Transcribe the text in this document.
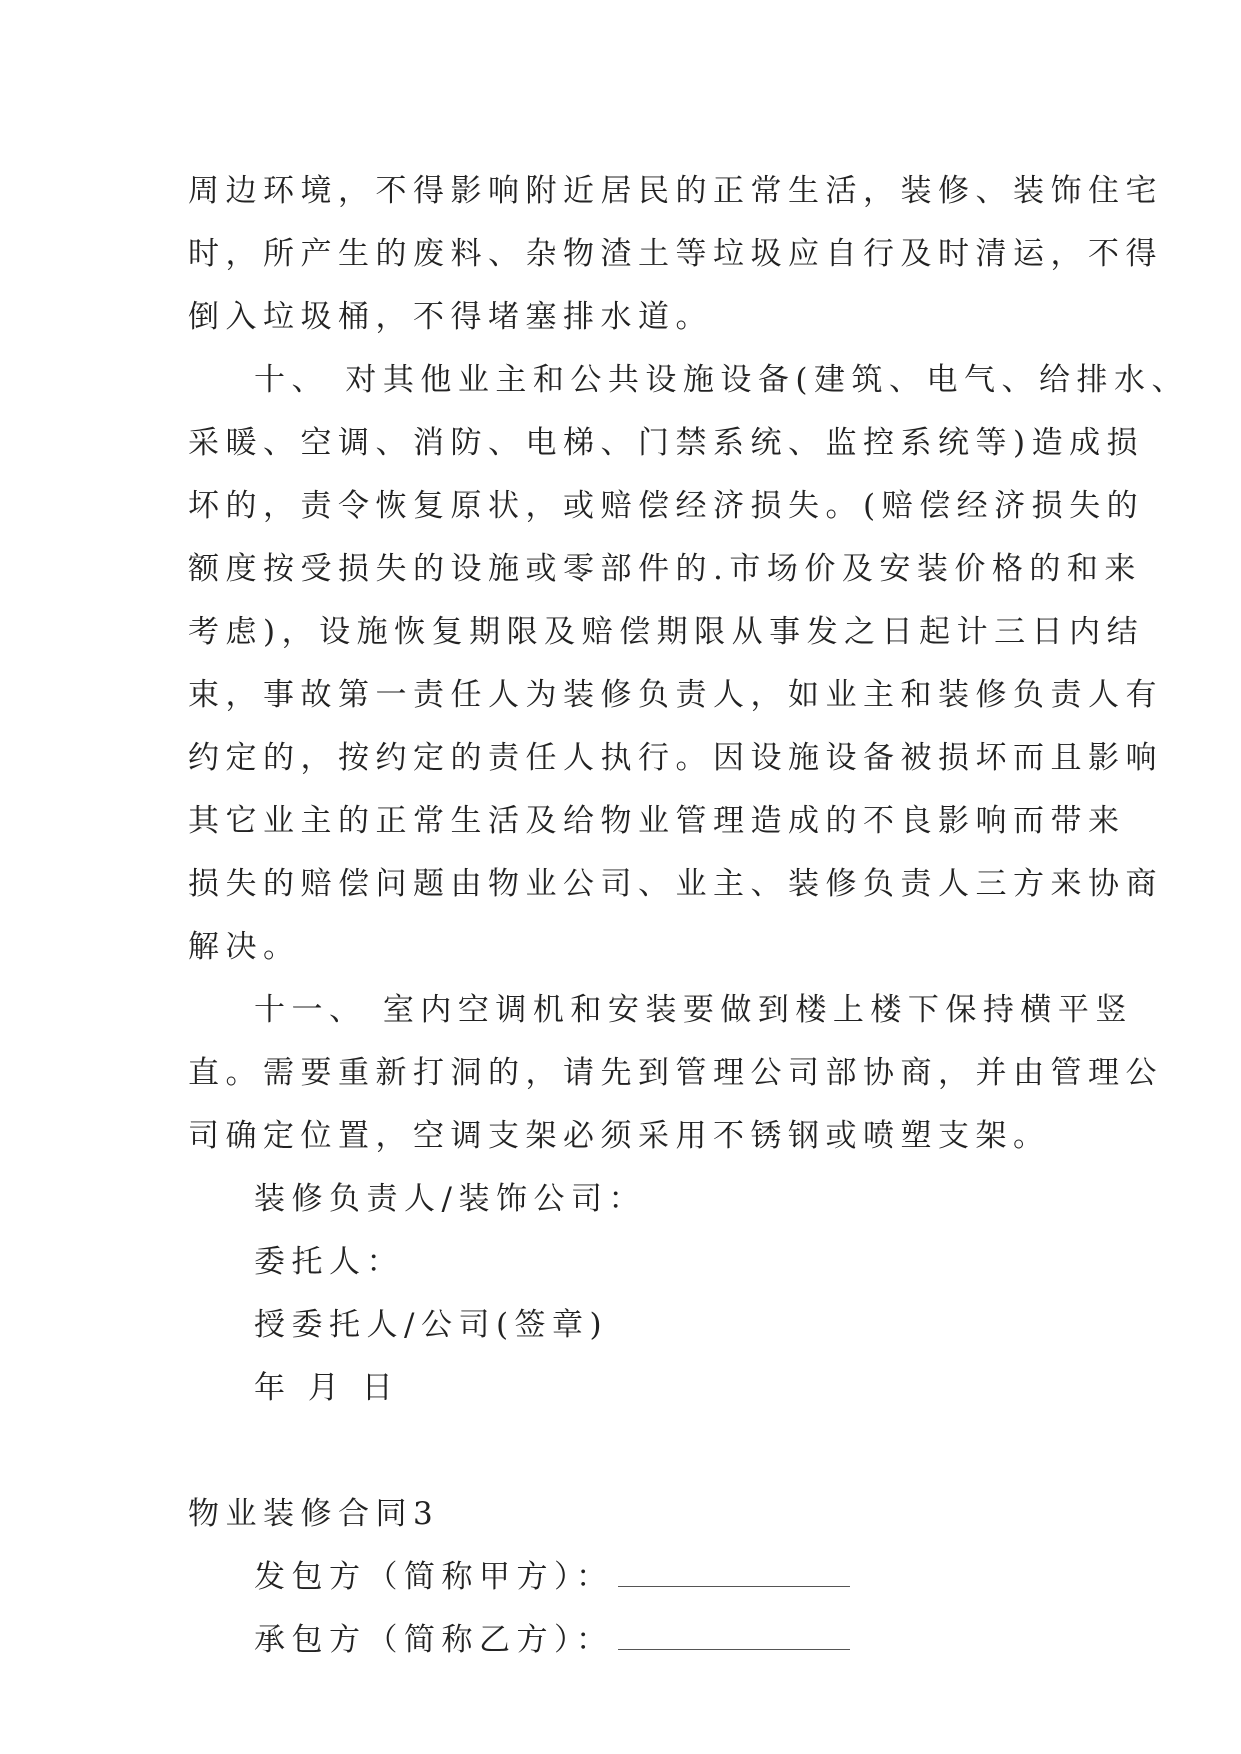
周边环境，不得影响附近居民的正常生活，装修、装饰住宅
时，所产生的废料、杂物渣土等垃圾应自行及时清运，不得
倒入垃圾桶，不得堵塞排水道。
十、 对其他业主和公共设施设备(建筑、电气、给排水、
采暖、空调、消防、电梯、门禁系统、监控系统等)造成损
坏的，责令恢复原状，或赔偿经济损失。(赔偿经济损失的
额度按受损失的设施或零部件的.市场价及安装价格的和来
考虑)，设施恢复期限及赔偿期限从事发之日起计三日内结
束，事故第一责任人为装修负责人，如业主和装修负责人有
约定的，按约定的责任人执行。因设施设备被损坏而且影响
其它业主的正常生活及给物业管理造成的不良影响而带来
损失的赔偿问题由物业公司、业主、装修负责人三方来协商
解决。
十一、 室内空调机和安装要做到楼上楼下保持横平竖
直。需要重新打洞的，请先到管理公司部协商，并由管理公
司确定位置，空调支架必须采用不锈钢或喷塑支架。
装修负责人/装饰公司：
委托人：
授委托人/公司(签章)
年 月 日
物业装修合同3
发包方（简称甲方）：
承包方（简称乙方）：
